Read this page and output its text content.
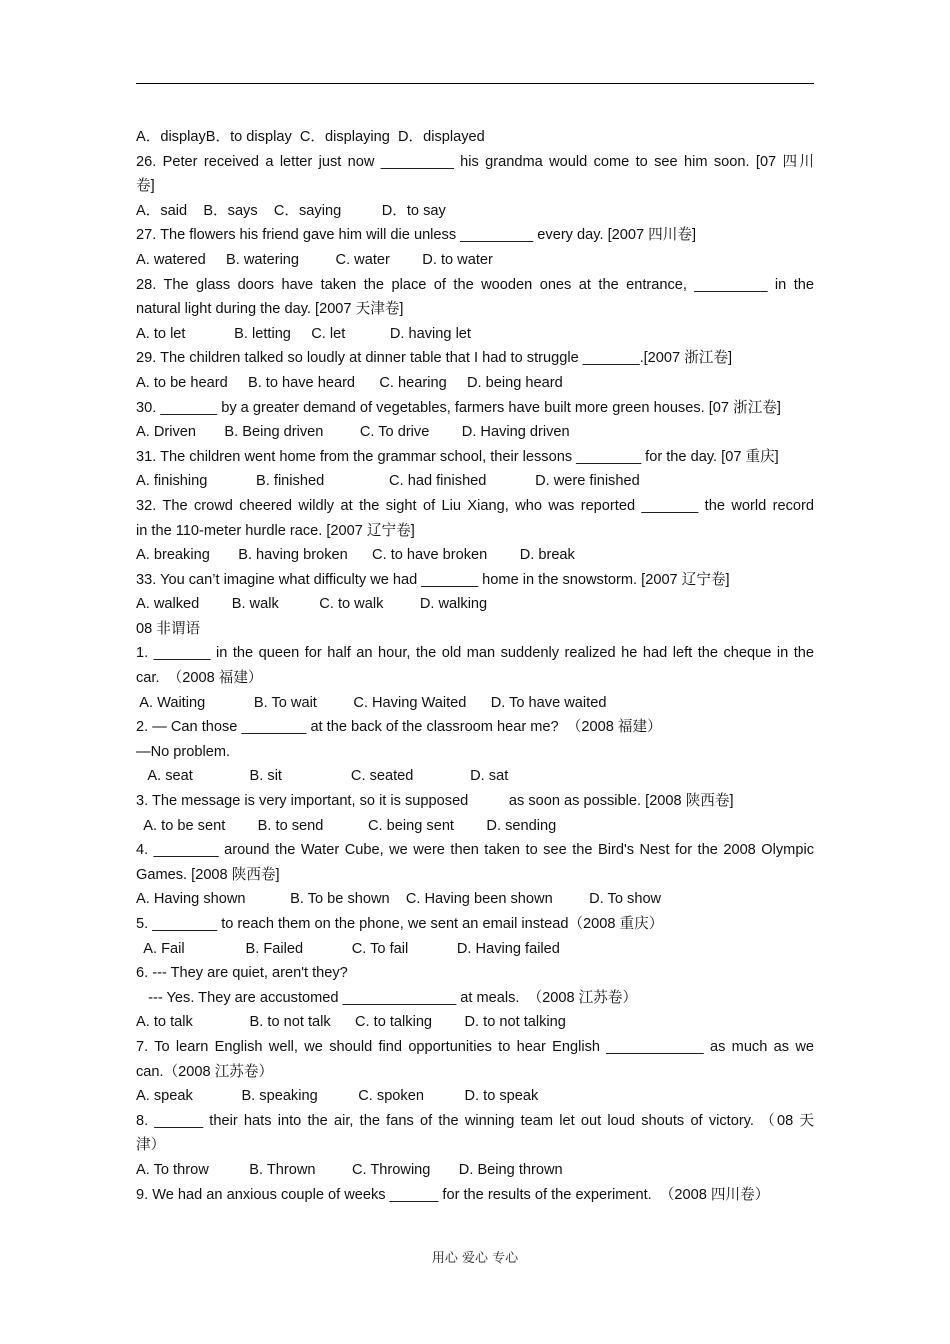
A．displayB．to display  C．displaying  D．displayed
26. Peter received a letter just now _________ his grandma would come to see him soon. [07 四川
卷]
A．said    B．says    C．saying          D．to say
27. The flowers his friend gave him will die unless _________ every day. [2007 四川卷]
A. watered     B. watering         C. water        D. to water
28. The glass doors have taken the place of the wooden ones at the entrance, _________ in the
natural light during the day. [2007 天津卷]
A. to let            B. letting     C. let           D. having let
29. The children talked so loudly at dinner table that I had to struggle _______.[2007 浙江卷]
A. to be heard     B. to have heard      C. hearing     D. being heard
30. _______ by a greater demand of vegetables, farmers have built more green houses. [07 浙江卷]
A. Driven       B. Being driven         C. To drive        D. Having driven
31. The children went home from the grammar school, their lessons ________ for the day. [07 重庆]
A. finishing            B. finished                C. had finished            D. were finished
32. The crowd cheered wildly at the sight of Liu Xiang, who was reported _______ the world record
in the 110-meter hurdle race. [2007 辽宁卷]
A. breaking       B. having broken      C. to have broken        D. break
33. You can’t imagine what difficulty we had _______ home in the snowstorm. [2007 辽宁卷]
A. walked        B. walk          C. to walk         D. walking
08 非谓语
1. _______ in the queen for half an hour, the old man suddenly realized he had left the cheque in the
car.  （2008 福建）
A. Waiting            B. To wait         C. Having Waited      D. To have waited
2. — Can those ________ at the back of the classroom hear me?  （2008 福建）
—No problem.
A. seat              B. sit                 C. seated              D. sat
3. The message is very important, so it is supposed          as soon as possible. [2008 陕西卷]
A. to be sent        B. to send           C. being sent        D. sending
4. ________ around the Water Cube, we were then taken to see the Bird's Nest for the 2008 Olympic
Games. [2008 陕西卷]
A. Having shown           B. To be shown    C. Having been shown         D. To show
5. ________ to reach them on the phone, we sent an email instead（2008 重庆）
A. Fail               B. Failed            C. To fail            D. Having failed
6. --- They are quiet, aren't they?
--- Yes. They are accustomed ______________ at meals.  （2008 江苏卷）
A. to talk              B. to not talk      C. to talking        D. to not talking
7. To learn English well, we should find opportunities to hear English ____________ as much as we
can.（2008 江苏卷）
A. speak            B. speaking          C. spoken          D. to speak
8. ______ their hats into the air, the fans of the winning team let out loud shouts of victory. （08 天
津）
A. To throw          B. Thrown         C. Throwing       D. Being thrown
9. We had an anxious couple of weeks ______ for the results of the experiment.  （2008 四川卷）
用心 爱心 专心
